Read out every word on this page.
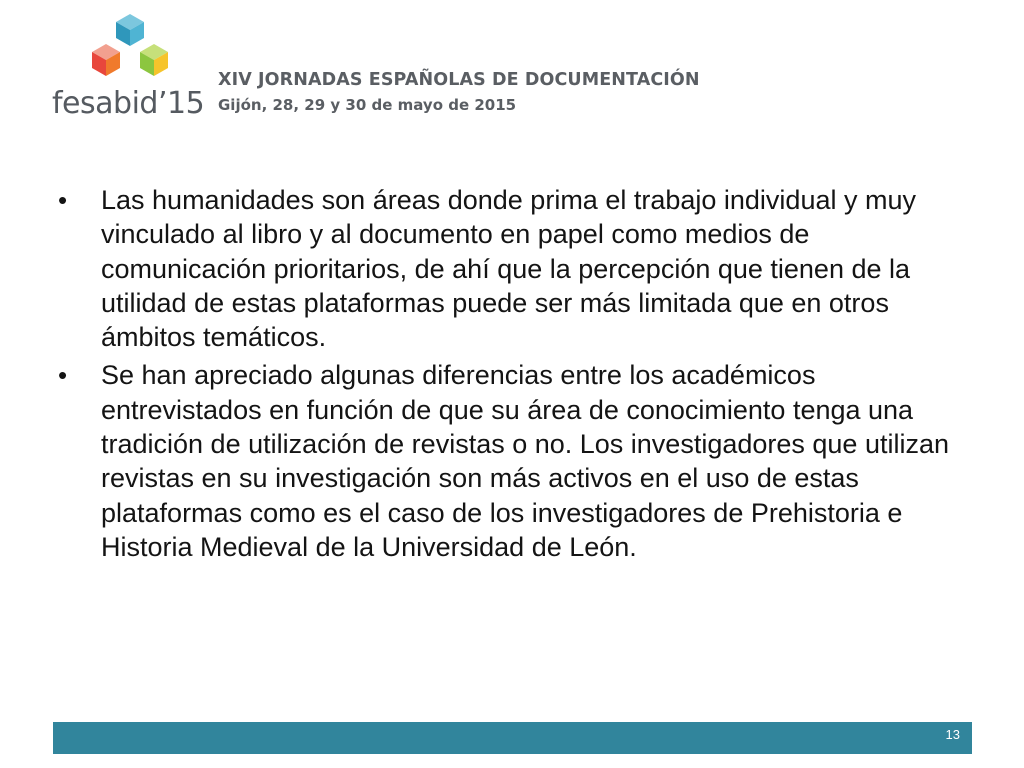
fesabid’15
XIV JORNADAS ESPAÑOLAS DE DOCUMENTACIÓN
Gijón, 28, 29 y 30 de mayo de 2015
• Las humanidades son áreas donde prima el trabajo individual y muy vinculado al libro y al documento en papel como medios de comunicación prioritarios, de ahí que la percepción que tienen de la utilidad de estas plataformas puede ser más limitada que en otros ámbitos temáticos.
• Se han apreciado algunas diferencias entre los académicos entrevistados en función de que su área de conocimiento tenga una tradición de utilización de revistas o no. Los investigadores que utilizan revistas en su investigación son más activos en el uso de estas plataformas como es el caso de los investigadores de Prehistoria e Historia Medieval de la Universidad de León.
13
